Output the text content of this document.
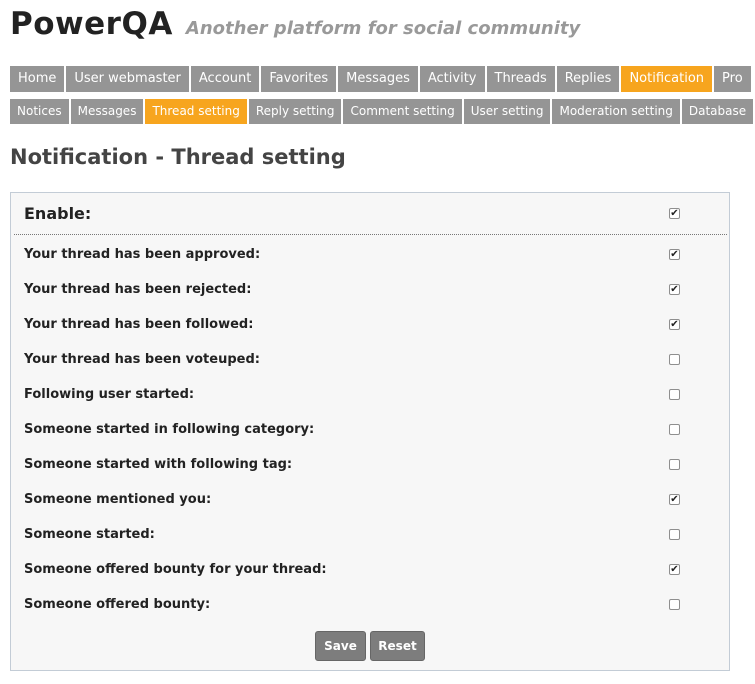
PowerQA Another platform for social community
Home User webmaster Account Favorites Messages Activity Threads Replies Notification Pro
Notices Messages Thread setting Reply setting Comment setting User setting Moderation setting Database
Notification - Thread setting
Enable:	✔
Your thread has been approved:	✔
Your thread has been rejected:	✔
Your thread has been followed:	✔
Your thread has been voteuped:
Following user started:
Someone started in following category:
Someone started with following tag:
Someone mentioned you:	✔
Someone started:
Someone offered bounty for your thread:	✔
Someone offered bounty:
Save	Reset
